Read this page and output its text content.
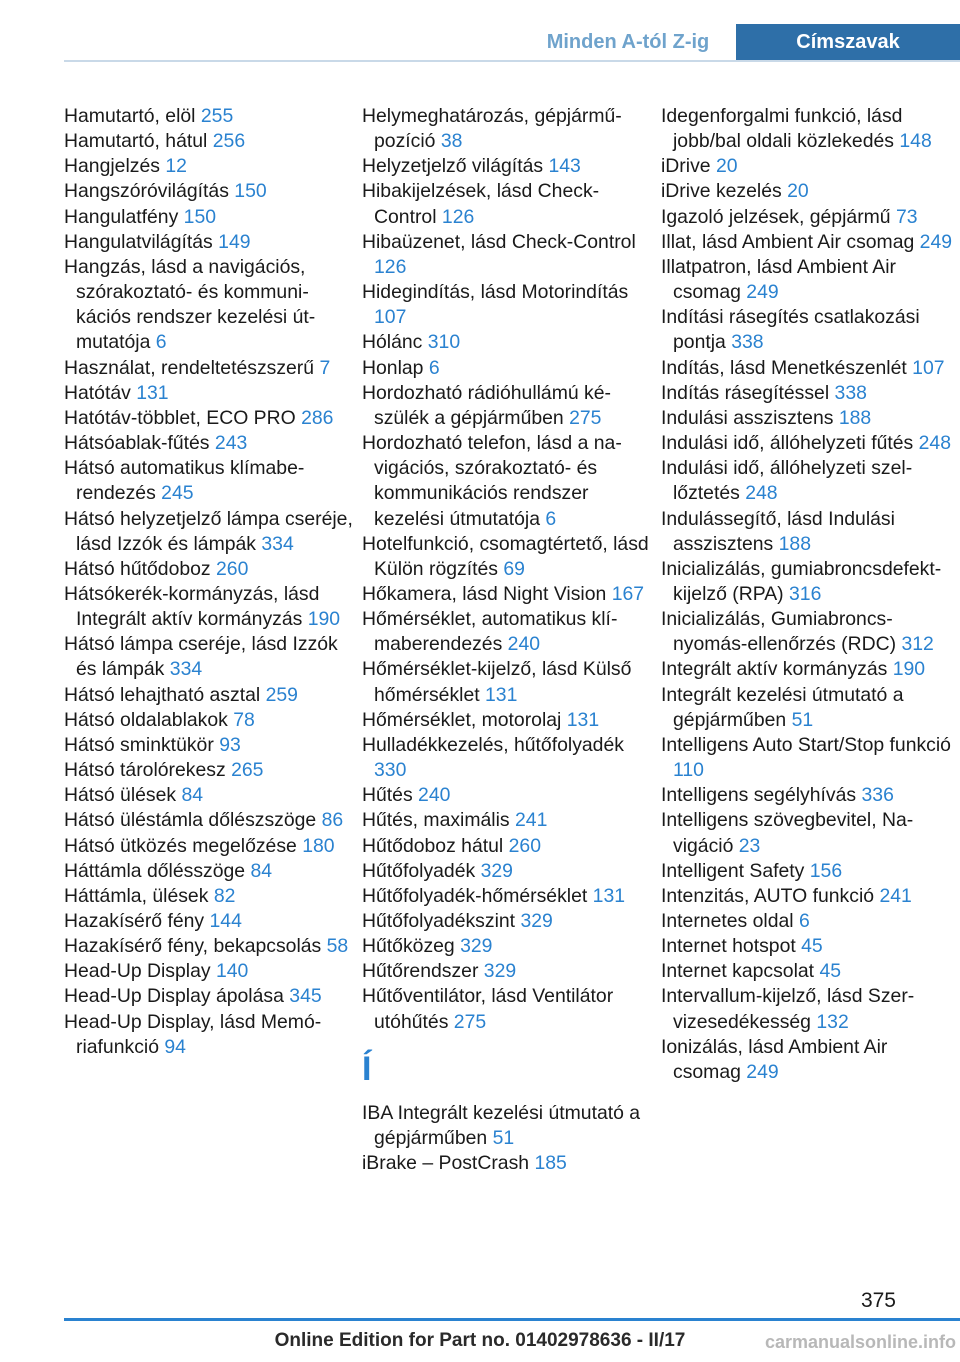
Minden A-tól Z-ig	Címszavak

Hamutartó, elöl 255

Hamutartó, hátul 256

Hangjelzés 12

Hangszóróvilágítás 150

Hangulatfény 150

Hangulatvilágítás 149

Hangzás, lásd a navigációs, szórakoztató- és kommunikációs rendszer kezelési útmutatója 6

Használat, rendeltetészszerű 7

Hatótáv 131

Hatótáv-többlet, ECO PRO 286

Hátsóablak-fűtés 243

Hátsó automatikus klímaberendezés 245

Hátsó helyzetjelző lámpa cseréje, lásd Izzók és lámpák 334

Hátsó hűtődoboz 260

Hátsókerék-kormányzás, lásd Integrált aktív kormányzás 190

Hátsó lámpa cseréje, lásd Izzók és lámpák 334

Hátsó lehajtható asztal 259

Hátsó oldalablakok 78

Hátsó sminktükör 93

Hátsó tárolórekesz 265

Hátsó ülések 84

Hátsó üléstámla dőlészszöge 86

Hátsó ütközés megelőzése 180

Háttámla dőlésszöge 84

Háttámla, ülések 82

Hazakísérő fény 144

Hazakísérő fény, bekapcsolás 58

Head-Up Display 140

Head-Up Display ápolása 345

Head-Up Display, lásd Memóriafunkció 94

Helymeghatározás, gépjármű-pozíció 38

Helyzetjelző világítás 143

Hibakijelzések, lásd Check-Control 126

Hibaüzenet, lásd Check-Control 126

Hidegindítás, lásd Motorindítás 107

Hólánc 310

Honlap 6

Hordozható rádióhullámú készülék a gépjárműben 275

Hordozható telefon, lásd a navigációs, szórakoztató- és kommunikációs rendszer kezelési útmutatója 6

Hotelfunkció, csomagtértető, lásd Külön rögzítés 69

Hőkamera, lásd Night Vision 167

Hőmérséklet, automatikus klímaberendezés 240

Hőmérséklet-kijelző, lásd Külső hőmérséklet 131

Hőmérséklet, motorolaj 131

Hulladékkezelés, hűtőfolyadék 330

Hűtés 240

Hűtés, maximális 241

Hűtődoboz hátul 260

Hűtőfolyadék 329

Hűtőfolyadék-hőmérséklet 131

Hűtőfolyadékszint 329

Hűtőközeg 329

Hűtőrendszer 329

Hűtőventilátor, lásd Ventilátor utóhűtés 275

Í

IBA Integrált kezelési útmutató a gépjárműben 51

iBrake – PostCrash 185

Idegenforgalmi funkció, lásd jobb/bal oldali közlekedés 148

iDrive 20

iDrive kezelés 20

Igazoló jelzések, gépjármű 73

Illat, lásd Ambient Air csomag 249

Illatpatron, lásd Ambient Air csomag 249

Indítási rásegítés csatlakozási pontja 338

Indítás, lásd Menetkészenlét 107

Indítás rásegítéssel 338

Indulási asszisztens 188

Indulási idő, állóhelyzeti fűtés 248

Indulási idő, állóhelyzeti szellőztetés 248

Indulássegítő, lásd Indulási asszisztens 188

Inicializálás, gumiabroncsdefekt-kijelző (RPA) 316

Inicializálás, Gumiabroncsnyomás-ellenőrzés (RDC) 312

Integrált aktív kormányzás 190

Integrált kezelési útmutató a gépjárműben 51

Intelligens Auto Start/Stop funkció 110

Intelligens segélyhívás 336

Intelligens szövegbevitel, Navigáció 23

Intelligent Safety 156

Intenzitás, AUTO funkció 241

Internetes oldal 6

Internet hotspot 45

Internet kapcsolat 45

Intervallum-kijelző, lásd Szervizesedékesség 132

Ionizálás, lásd Ambient Air csomag 249

375
Online Edition for Part no. 01402978636 - II/17	carmanualsonline.info
